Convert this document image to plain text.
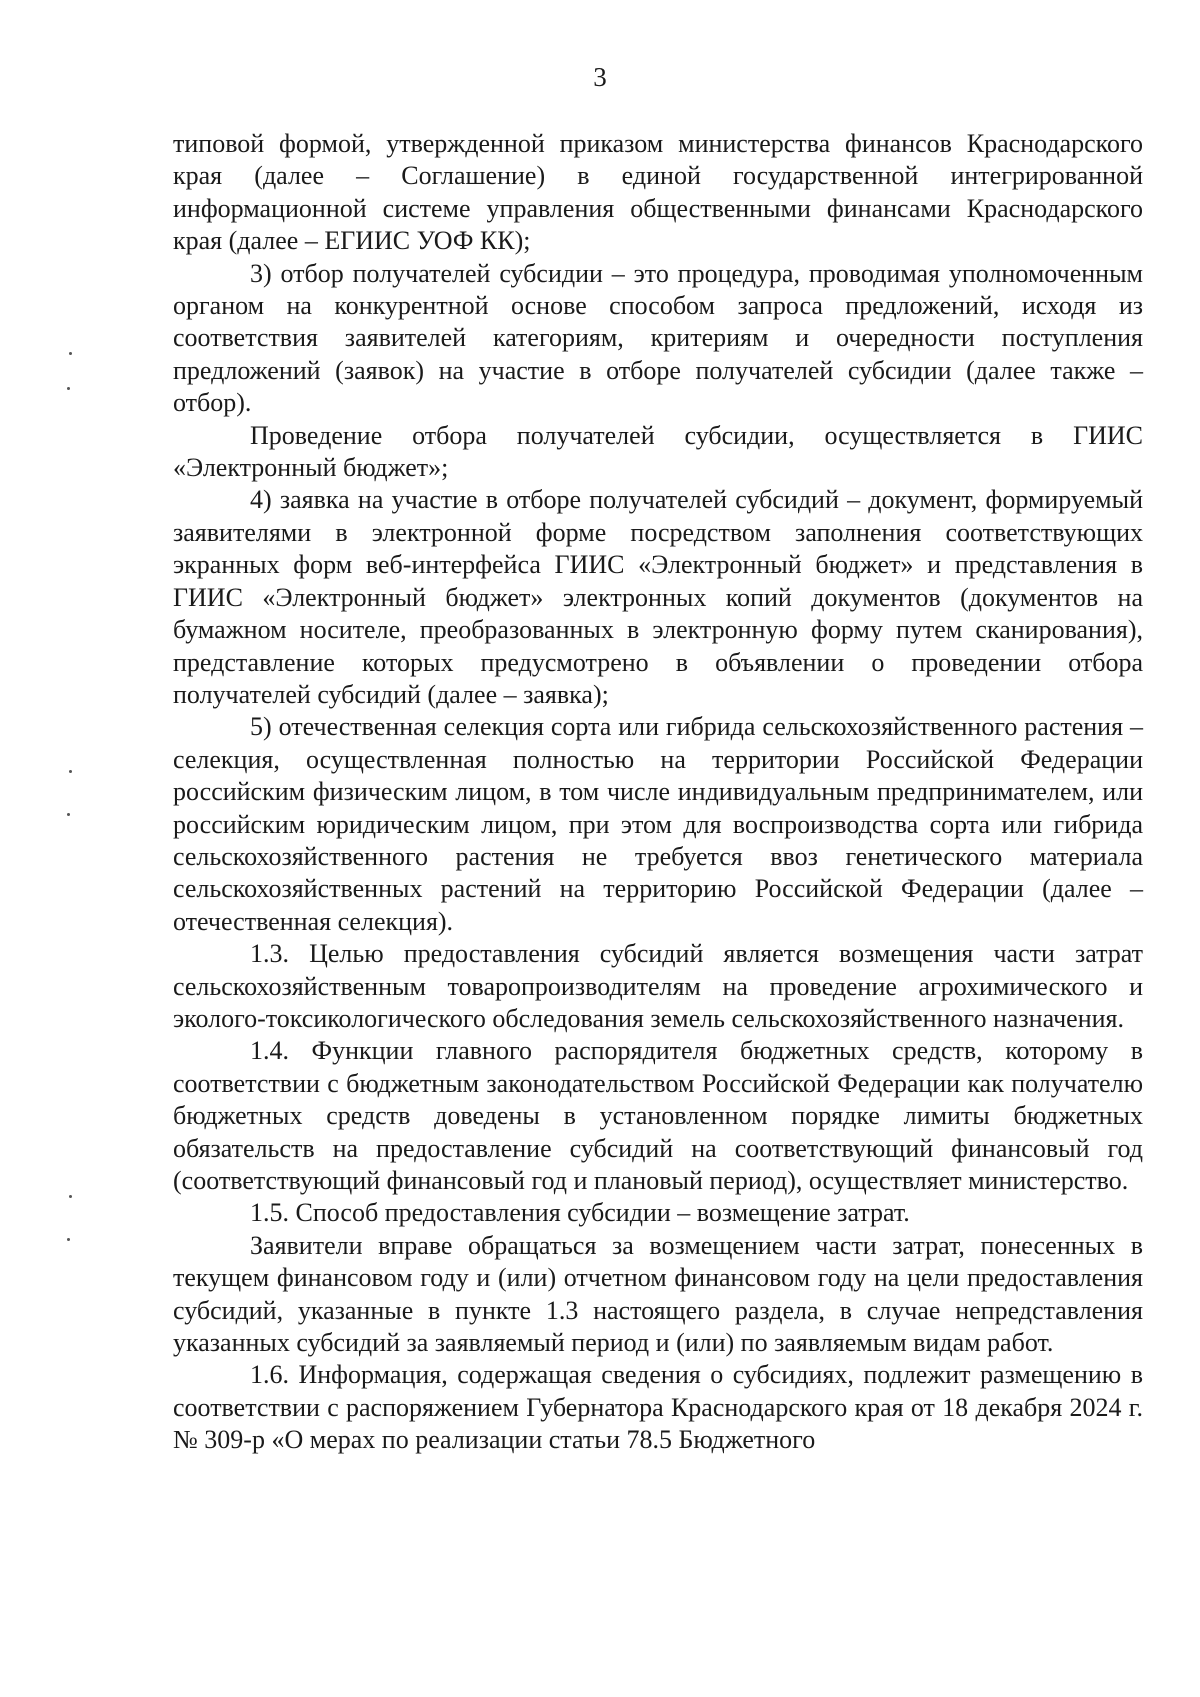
3

типовой формой, утвержденной приказом министерства финансов Краснодарского края (далее – Соглашение) в единой государственной интегрированной информационной системе управления общественными финансами Краснодарского края (далее – ЕГИИС УОФ КК);

3) отбор получателей субсидии – это процедура, проводимая уполномоченным органом на конкурентной основе способом запроса предложений, исходя из соответствия заявителей категориям, критериям и очередности поступления предложений (заявок) на участие в отборе получателей субсидии (далее также – отбор).

Проведение отбора получателей субсидии, осуществляется в ГИИС «Электронный бюджет»;

4) заявка на участие в отборе получателей субсидий – документ, формируемый заявителями в электронной форме посредством заполнения соответствующих экранных форм веб-интерфейса ГИИС «Электронный бюджет» и представления в ГИИС «Электронный бюджет» электронных копий документов (документов на бумажном носителе, преобразованных в электронную форму путем сканирования), представление которых предусмотрено в объявлении о проведении отбора получателей субсидий (далее – заявка);

5) отечественная селекция сорта или гибрида сельскохозяйственного растения – селекция, осуществленная полностью на территории Российской Федерации российским физическим лицом, в том числе индивидуальным предпринимателем, или российским юридическим лицом, при этом для воспроизводства сорта или гибрида сельскохозяйственного растения не требуется ввоз генетического материала сельскохозяйственных растений на территорию Российской Федерации (далее – отечественная селекция).

1.3. Целью предоставления субсидий является возмещения части затрат сельскохозяйственным товаропроизводителям на проведение агрохимического и эколого-токсикологического обследования земель сельскохозяйственного назначения.

1.4. Функции главного распорядителя бюджетных средств, которому в соответствии с бюджетным законодательством Российской Федерации как получателю бюджетных средств доведены в установленном порядке лимиты бюджетных обязательств на предоставление субсидий на соответствующий финансовый год (соответствующий финансовый год и плановый период), осуществляет министерство.

1.5. Способ предоставления субсидии – возмещение затрат.

Заявители вправе обращаться за возмещением части затрат, понесенных в текущем финансовом году и (или) отчетном финансовом году на цели предоставления субсидий, указанные в пункте 1.3 настоящего раздела, в случае непредставления указанных субсидий за заявляемый период и (или) по заявляемым видам работ.

1.6. Информация, содержащая сведения о субсидиях, подлежит размещению в соответствии с распоряжением Губернатора Краснодарского края от 18 декабря 2024 г. № 309-р «О мерах по реализации статьи 78.5 Бюджетного
